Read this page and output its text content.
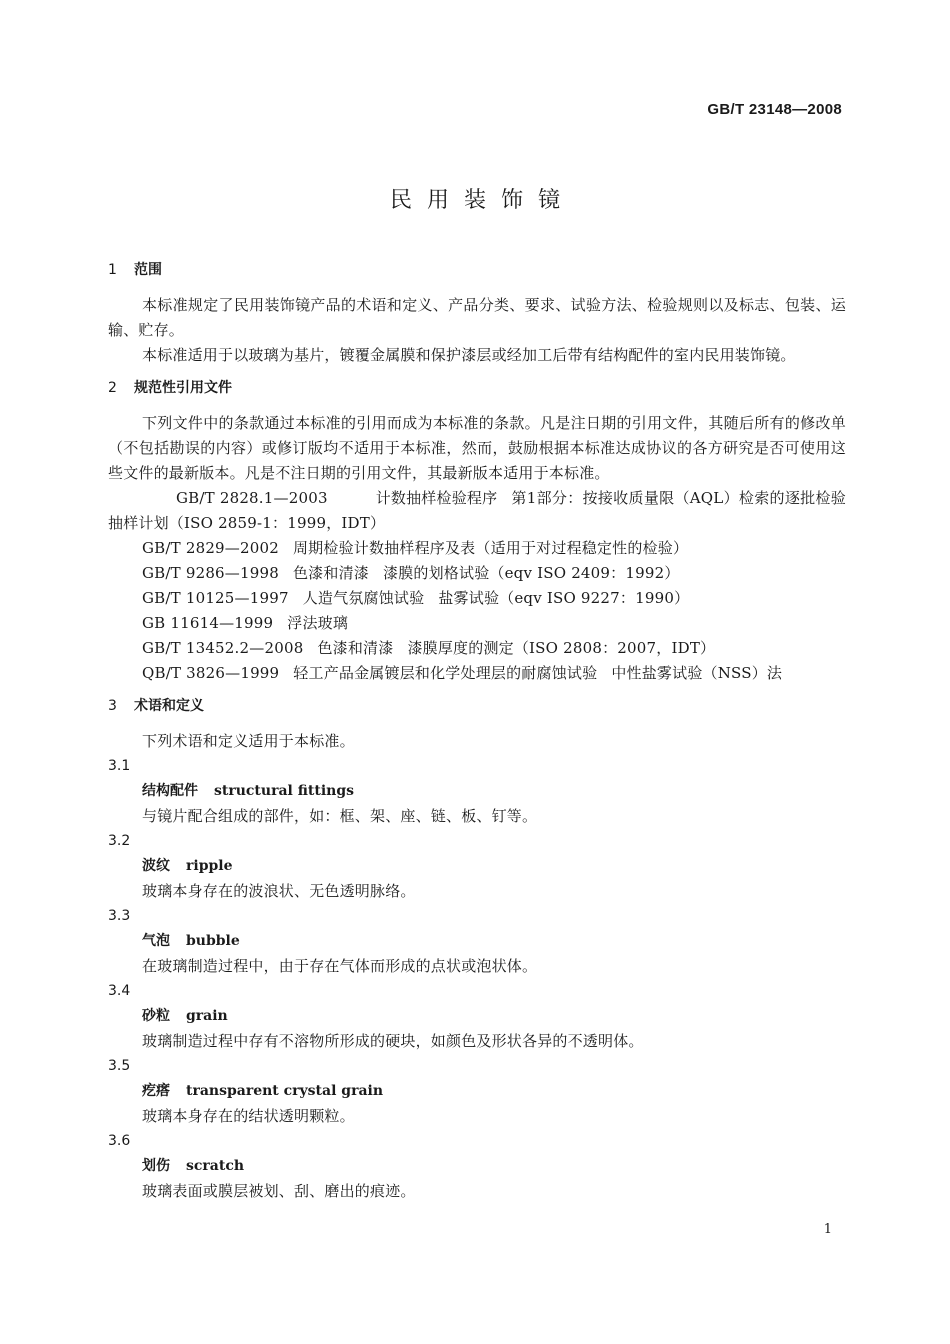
GB/T 23148—2008
民用装饰镜
1 范围
本标准规定了民用装饰镜产品的术语和定义、产品分类、要求、试验方法、检验规则以及标志、包装、运输、贮存。
本标准适用于以玻璃为基片，镀覆金属膜和保护漆层或经加工后带有结构配件的室内民用装饰镜。
2 规范性引用文件
下列文件中的条款通过本标准的引用而成为本标准的条款。凡是注日期的引用文件，其随后所有的修改单（不包括勘误的内容）或修订版均不适用于本标准，然而，鼓励根据本标准达成协议的各方研究是否可使用这些文件的最新版本。凡是不注日期的引用文件，其最新版本适用于本标准。
GB/T 2828.1—2003	计数抽样检验程序 第1部分：按接收质量限（AQL）检索的逐批检验抽样计划（ISO 2859-1：1999，IDT）
GB/T 2829—2002 周期检验计数抽样程序及表（适用于对过程稳定性的检验）
GB/T 9286—1998 色漆和清漆 漆膜的划格试验（eqv ISO 2409：1992）
GB/T 10125—1997 人造气氛腐蚀试验 盐雾试验（eqv ISO 9227：1990）
GB 11614—1999 浮法玻璃
GB/T 13452.2—2008 色漆和清漆 漆膜厚度的测定（ISO 2808：2007，IDT）
QB/T 3826—1999 轻工产品金属镀层和化学处理层的耐腐蚀试验 中性盐雾试验（NSS）法
3 术语和定义
下列术语和定义适用于本标准。
3.1
结构配件 structural fittings
与镜片配合组成的部件，如：框、架、座、链、板、钉等。
3.2
波纹 ripple
玻璃本身存在的波浪状、无色透明脉络。
3.3
气泡 bubble
在玻璃制造过程中，由于存在气体而形成的点状或泡状体。
3.4
砂粒 grain
玻璃制造过程中存有不溶物所形成的硬块，如颜色及形状各异的不透明体。
3.5
疙瘩 transparent crystal grain
玻璃本身存在的结状透明颗粒。
3.6
划伤 scratch
玻璃表面或膜层被划、刮、磨出的痕迹。
1
